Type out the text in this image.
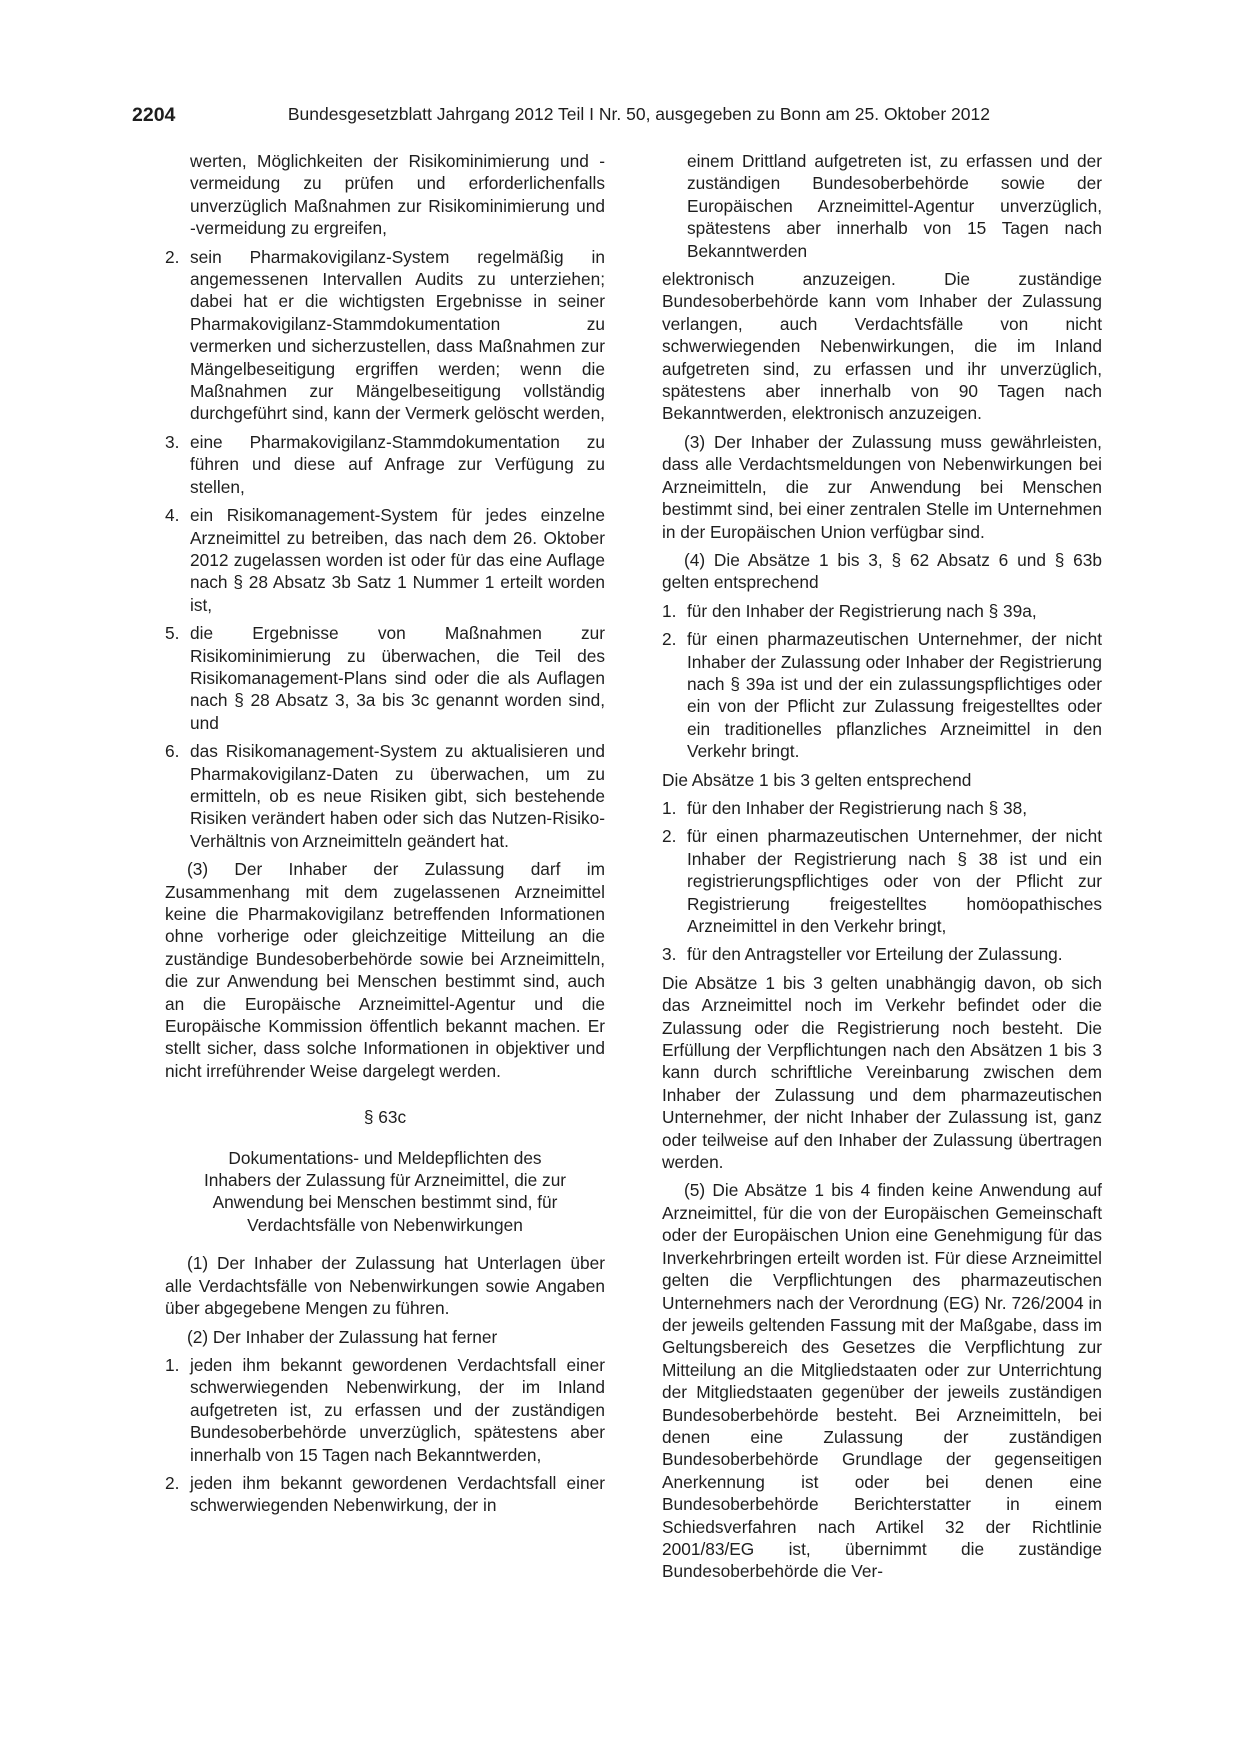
2204	Bundesgesetzblatt Jahrgang 2012 Teil I Nr. 50, ausgegeben zu Bonn am 25. Oktober 2012
werten, Möglichkeiten der Risikominimierung und -vermeidung zu prüfen und erforderlichenfalls unverzüglich Maßnahmen zur Risikominimierung und -vermeidung zu ergreifen,
2. sein Pharmakovigilanz-System regelmäßig in angemessenen Intervallen Audits zu unterziehen; dabei hat er die wichtigsten Ergebnisse in seiner Pharmakovigilanz-Stammdokumentation zu vermerken und sicherzustellen, dass Maßnahmen zur Mängelbeseitigung ergriffen werden; wenn die Maßnahmen zur Mängelbeseitigung vollständig durchgeführt sind, kann der Vermerk gelöscht werden,
3. eine Pharmakovigilanz-Stammdokumentation zu führen und diese auf Anfrage zur Verfügung zu stellen,
4. ein Risikomanagement-System für jedes einzelne Arzneimittel zu betreiben, das nach dem 26. Oktober 2012 zugelassen worden ist oder für das eine Auflage nach § 28 Absatz 3b Satz 1 Nummer 1 erteilt worden ist,
5. die Ergebnisse von Maßnahmen zur Risikominimierung zu überwachen, die Teil des Risikomanagement-Plans sind oder die als Auflagen nach § 28 Absatz 3, 3a bis 3c genannt worden sind, und
6. das Risikomanagement-System zu aktualisieren und Pharmakovigilanz-Daten zu überwachen, um zu ermitteln, ob es neue Risiken gibt, sich bestehende Risiken verändert haben oder sich das Nutzen-Risiko-Verhältnis von Arzneimitteln geändert hat.

(3) Der Inhaber der Zulassung darf im Zusammenhang mit dem zugelassenen Arzneimittel keine die Pharmakovigilanz betreffenden Informationen ohne vorherige oder gleichzeitige Mitteilung an die zuständige Bundesoberbehörde sowie bei Arzneimitteln, die zur Anwendung bei Menschen bestimmt sind, auch an die Europäische Arzneimittel-Agentur und die Europäische Kommission öffentlich bekannt machen. Er stellt sicher, dass solche Informationen in objektiver und nicht irreführender Weise dargelegt werden.

§ 63c
Dokumentations- und Meldepflichten des Inhabers der Zulassung für Arzneimittel, die zur Anwendung bei Menschen bestimmt sind, für Verdachtsfälle von Nebenwirkungen

(1) Der Inhaber der Zulassung hat Unterlagen über alle Verdachtsfälle von Nebenwirkungen sowie Angaben über abgegebene Mengen zu führen.

(2) Der Inhaber der Zulassung hat ferner

1. jeden ihm bekannt gewordenen Verdachtsfall einer schwerwiegenden Nebenwirkung, der im Inland aufgetreten ist, zu erfassen und der zuständigen Bundesoberbehörde unverzüglich, spätestens aber innerhalb von 15 Tagen nach Bekanntwerden,
2. jeden ihm bekannt gewordenen Verdachtsfall einer schwerwiegenden Nebenwirkung, der in
einem Drittland aufgetreten ist, zu erfassen und der zuständigen Bundesoberbehörde sowie der Europäischen Arzneimittel-Agentur unverzüglich, spätestens aber innerhalb von 15 Tagen nach Bekanntwerden

elektronisch anzuzeigen. Die zuständige Bundesoberbehörde kann vom Inhaber der Zulassung verlangen, auch Verdachtsfälle von nicht schwerwiegenden Nebenwirkungen, die im Inland aufgetreten sind, zu erfassen und ihr unverzüglich, spätestens aber innerhalb von 90 Tagen nach Bekanntwerden, elektronisch anzuzeigen.

(3) Der Inhaber der Zulassung muss gewährleisten, dass alle Verdachtsmeldungen von Nebenwirkungen bei Arzneimitteln, die zur Anwendung bei Menschen bestimmt sind, bei einer zentralen Stelle im Unternehmen in der Europäischen Union verfügbar sind.

(4) Die Absätze 1 bis 3, § 62 Absatz 6 und § 63b gelten entsprechend

1. für den Inhaber der Registrierung nach § 39a,
2. für einen pharmazeutischen Unternehmer, der nicht Inhaber der Zulassung oder Inhaber der Registrierung nach § 39a ist und der ein zulassungspflichtiges oder ein von der Pflicht zur Zulassung freigestelltes oder ein traditionelles pflanzliches Arzneimittel in den Verkehr bringt.

Die Absätze 1 bis 3 gelten entsprechend

1. für den Inhaber der Registrierung nach § 38,
2. für einen pharmazeutischen Unternehmer, der nicht Inhaber der Registrierung nach § 38 ist und ein registrierungspflichtiges oder von der Pflicht zur Registrierung freigestelltes homöopathisches Arzneimittel in den Verkehr bringt,
3. für den Antragsteller vor Erteilung der Zulassung.

Die Absätze 1 bis 3 gelten unabhängig davon, ob sich das Arzneimittel noch im Verkehr befindet oder die Zulassung oder die Registrierung noch besteht. Die Erfüllung der Verpflichtungen nach den Absätzen 1 bis 3 kann durch schriftliche Vereinbarung zwischen dem Inhaber der Zulassung und dem pharmazeutischen Unternehmer, der nicht Inhaber der Zulassung ist, ganz oder teilweise auf den Inhaber der Zulassung übertragen werden.

(5) Die Absätze 1 bis 4 finden keine Anwendung auf Arzneimittel, für die von der Europäischen Gemeinschaft oder der Europäischen Union eine Genehmigung für das Inverkehrbringen erteilt worden ist. Für diese Arzneimittel gelten die Verpflichtungen des pharmazeutischen Unternehmers nach der Verordnung (EG) Nr. 726/2004 in der jeweils geltenden Fassung mit der Maßgabe, dass im Geltungsbereich des Gesetzes die Verpflichtung zur Mitteilung an die Mitgliedstaaten oder zur Unterrichtung der Mitgliedstaaten gegenüber der jeweils zuständigen Bundesoberbehörde besteht. Bei Arzneimitteln, bei denen eine Zulassung der zuständigen Bundesoberbehörde Grundlage der gegenseitigen Anerkennung ist oder bei denen eine Bundesoberbehörde Berichterstatter in einem Schiedsverfahren nach Artikel 32 der Richtlinie 2001/83/EG ist, übernimmt die zuständige Bundesoberbehörde die Ver-
